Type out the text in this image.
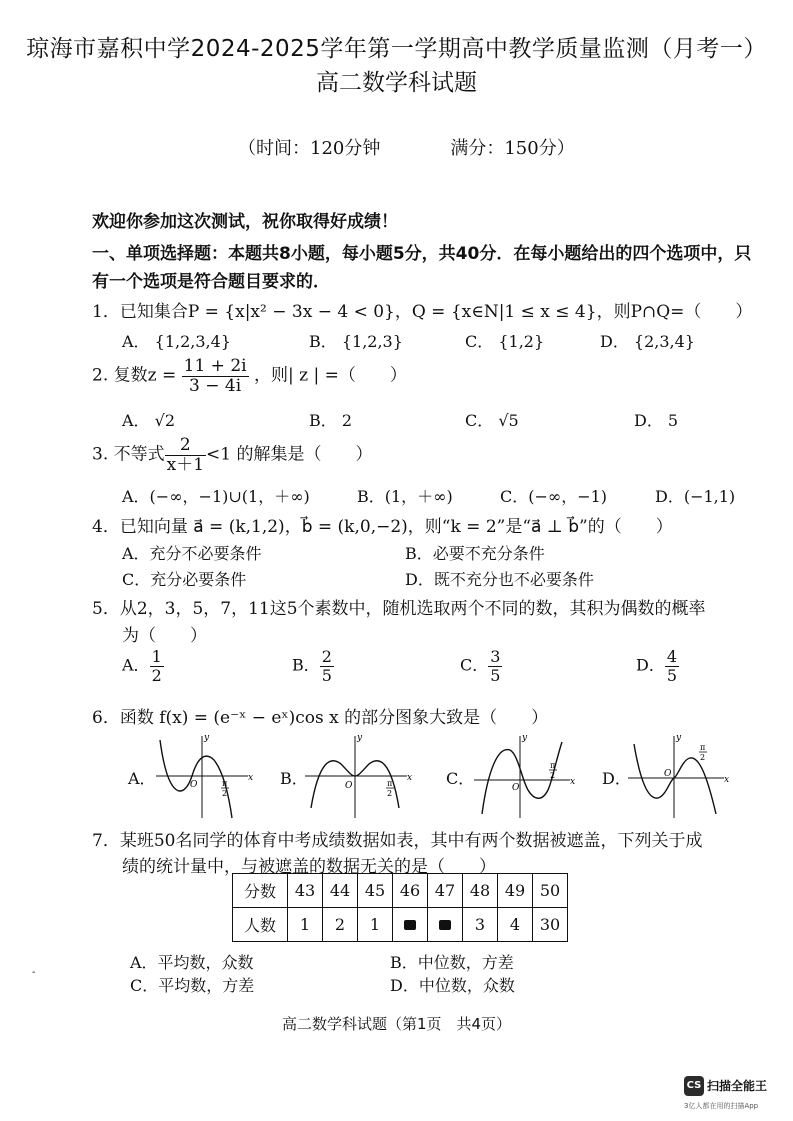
琼海市嘉积中学2024-2025学年第一学期高中教学质量监测（月考一）
高二数学科试题
（时间：120分钟	满分：150分）
欢迎你参加这次测试，祝你取得好成绩！
一、单项选择题：本题共8小题，每小题5分，共40分．在每小题给出的四个选项中，只有一个选项是符合题目要求的．
1．已知集合P = {x|x² − 3x − 4 < 0}，Q = {x∈N|1 ≤ x ≤ 4}，则P∩Q=（　　）
A． {1,2,3,4}	B． {1,2,3}	C． {1,2}	D． {2,3,4}
2. 复数$z = \frac{11 + 2i}{3 - 4i}$ ，则| z | =（　　）
A． √2	B． 2	C． √5	D． 5
3. 不等式 $\frac{2}{x+1} <1$ 的解集是（　　）
A．(−∞，−1)∪(1，＋∞)	B．(1，＋∞)	C．(−∞，−1)	D．(−1,1)
4．已知向量 a⃗ = (k,1,2)，b⃗ = (k,0,−2)，则“k = 2”是“a⃗ ⊥ b⃗”的（　　）
A．充分不必要条件	B．必要不充分条件
C．充分必要条件	D．既不充分也不必要条件
5．从2，3，5，7，11这5个素数中，随机选取两个不同的数，其积为偶数的概率
为（　　）
A． $\frac{1}{2}$	B． $\frac{2}{5}$	C． $\frac{3}{5}$	D． $\frac{4}{5}$
6．函数 f(x) = (e⁻ˣ − eˣ)cos x 的部分图象大致是（　　）
A．
y
x
O	π
2
B．
y
x
O	π
2
C．
y
x
O
π
2	D．
y
x
O
π
2
7．某班50名同学的体育中考成绩数据如表，其中有两个数据被遮盖，下列关于成
绩的统计量中，与被遮盖的数据无关的是（　　）
分数	43	44	45	46	47	48	49	50
人数	1	2	1			3	4	30
A．平均数，众数	B．中位数，方差
C．平均数，方差	D．中位数，众数
-
高二数学科试题（第1页　共4页）
CS 扫描全能王
3亿人都在用的扫描App
